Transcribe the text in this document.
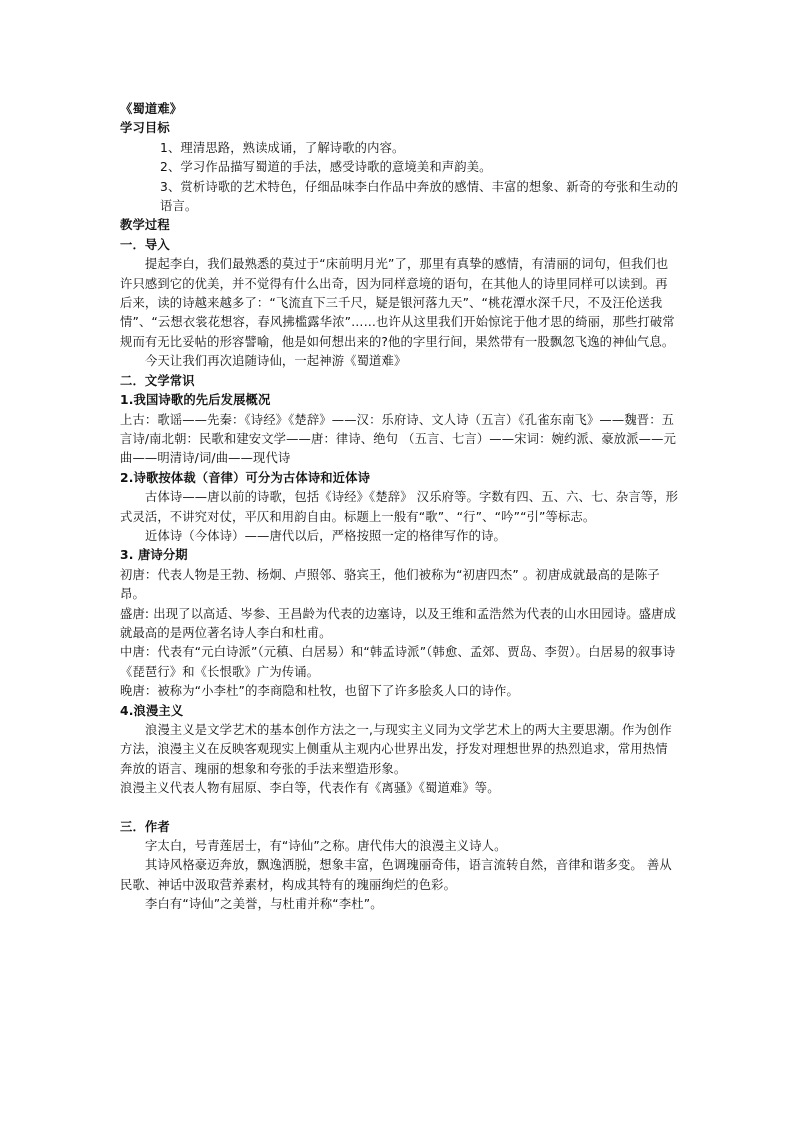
《蜀道难》

学习目标

1、理清思路，熟读成诵，了解诗歌的内容。
2、学习作品描写蜀道的手法，感受诗歌的意境美和声韵美。
3、赏析诗歌的艺术特色，仔细品味李白作品中奔放的感情、丰富的想象、新奇的夸张和生动的语言。

教学过程

一．导入

提起李白，我们最熟悉的莫过于“床前明月光”了，那里有真挚的感情，有清丽的词句，但我们也许只感到它的优美，并不觉得有什么出奇，因为同样意境的语句，在其他人的诗里同样可以读到。再后来，读的诗越来越多了：“飞流直下三千尺，疑是银河落九天”、“桃花潭水深千尺，不及汪伦送我情”、“云想衣裳花想容，春风拂槛露华浓”……也许从这里我们开始惊诧于他才思的绮丽，那些打破常规而有无比妥帖的形容譬喻，他是如何想出来的?他的字里行间，果然带有一股飘忽飞逸的神仙气息。

今天让我们再次追随诗仙，一起神游《蜀道难》

二．文学常识

1.我国诗歌的先后发展概况

上古：歌谣——先秦：《诗经》《楚辞》——汉：乐府诗、文人诗（五言）《孔雀东南飞》——魏晋：五言诗/南北朝：民歌和建安文学——唐：律诗、绝句 （五言、七言）——宋词：婉约派、豪放派——元曲——明清诗/词/曲——现代诗

2.诗歌按体裁（音律）可分为古体诗和近体诗

古体诗——唐以前的诗歌，包括《诗经》《楚辞》 汉乐府等。字数有四、五、六、七、杂言等，形式灵活，不讲究对仗，平仄和用韵自由。标题上一般有“歌”、“行”、“吟”“引”等标志。

近体诗（今体诗）——唐代以后，严格按照一定的格律写作的诗。

3. 唐诗分期

初唐：代表人物是王勃、杨炯、卢照邻、骆宾王，他们被称为“初唐四杰” 。初唐成就最高的是陈子昂。

盛唐: 出现了以高适、岑参、王昌龄为代表的边塞诗，以及王维和孟浩然为代表的山水田园诗。盛唐成就最高的是两位著名诗人李白和杜甫。

中唐：代表有“元白诗派”（元稹、白居易）和“韩孟诗派”（韩愈、孟郊、贾岛、李贺）。白居易的叙事诗《琵琶行》和《长恨歌》广为传诵。

晚唐：被称为“小李杜”的李商隐和杜牧，也留下了许多脍炙人口的诗作。

4.浪漫主义

浪漫主义是文学艺术的基本创作方法之一,与现实主义同为文学艺术上的两大主要思潮。作为创作方法，浪漫主义在反映客观现实上侧重从主观内心世界出发，抒发对理想世界的热烈追求，常用热情奔放的语言、瑰丽的想象和夸张的手法来塑造形象。

浪漫主义代表人物有屈原、李白等，代表作有《离骚》《蜀道难》等。

三．作者

字太白，号青莲居士，有“诗仙”之称。唐代伟大的浪漫主义诗人。

其诗风格豪迈奔放，飘逸洒脱，想象丰富，色调瑰丽奇伟，语言流转自然，音律和谐多变。 善从民歌、神话中汲取营养素材，构成其特有的瑰丽绚烂的色彩。

李白有“诗仙”之美誉，与杜甫并称“李杜”。
